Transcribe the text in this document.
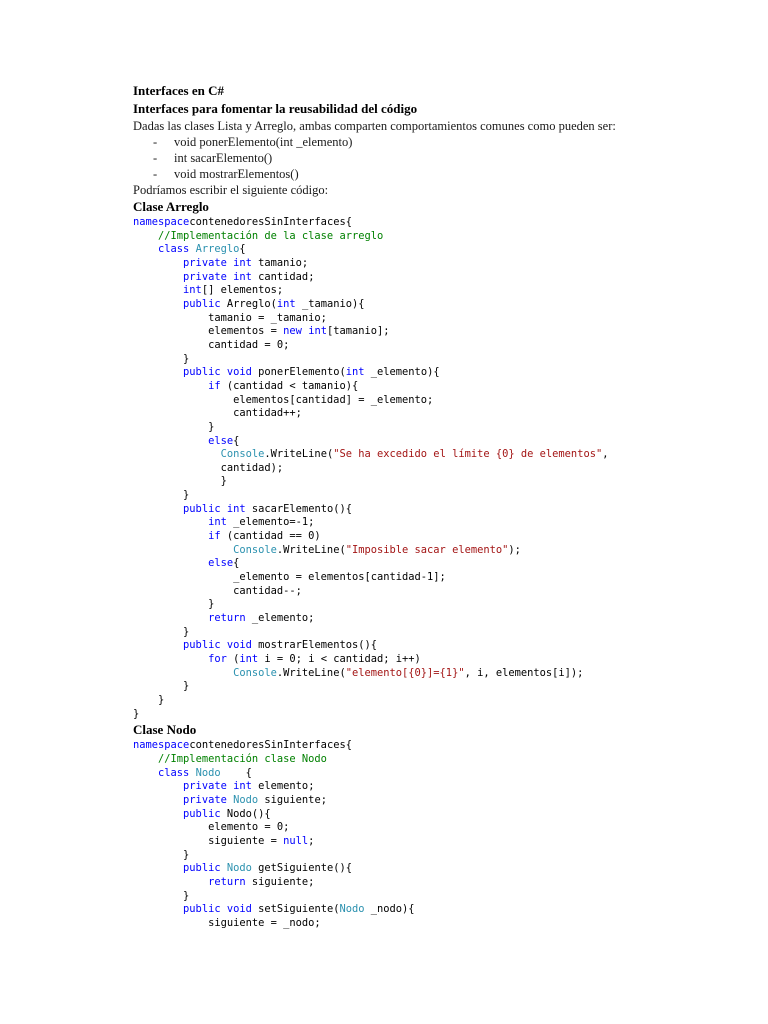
Interfaces en C#
Interfaces para fomentar la reusabilidad del código
Dadas las clases Lista y Arreglo, ambas comparten comportamientos comunes como pueden ser:
- void ponerElemento(int _elemento)
- int sacarElemento()
- void mostrarElementos()
Podríamos escribir el siguiente código:
Clase Arreglo
namespacecontenedoresSinInterfaces{
//Implementación de la clase arreglo
class Arreglo{
private int tamanio;
private int cantidad;
int[] elementos;
public Arreglo(int _tamanio){
tamanio = _tamanio;
elementos = new int[tamanio];
cantidad = 0;
}
public void ponerElemento(int _elemento){
if (cantidad < tamanio){
elementos[cantidad] = _elemento;
cantidad++;
}
else{
Console.WriteLine("Se ha excedido el límite {0} de elementos",
cantidad);
}
}
public int sacarElemento(){
int _elemento=-1;
if (cantidad == 0)
Console.WriteLine("Imposible sacar elemento");
else{
_elemento = elementos[cantidad-1];
cantidad--;
}
return _elemento;
}
public void mostrarElementos(){
for (int i = 0; i < cantidad; i++)
Console.WriteLine("elemento[{0}]={1}", i, elementos[i]);
}
}
}
Clase Nodo
namespacecontenedoresSinInterfaces{
//Implementación clase Nodo
class Nodo    {
private int elemento;
private Nodo siguiente;
public Nodo(){
elemento = 0;
siguiente = null;
}
public Nodo getSiguiente(){
return siguiente;
}
public void setSiguiente(Nodo _nodo){
siguiente = _nodo;
